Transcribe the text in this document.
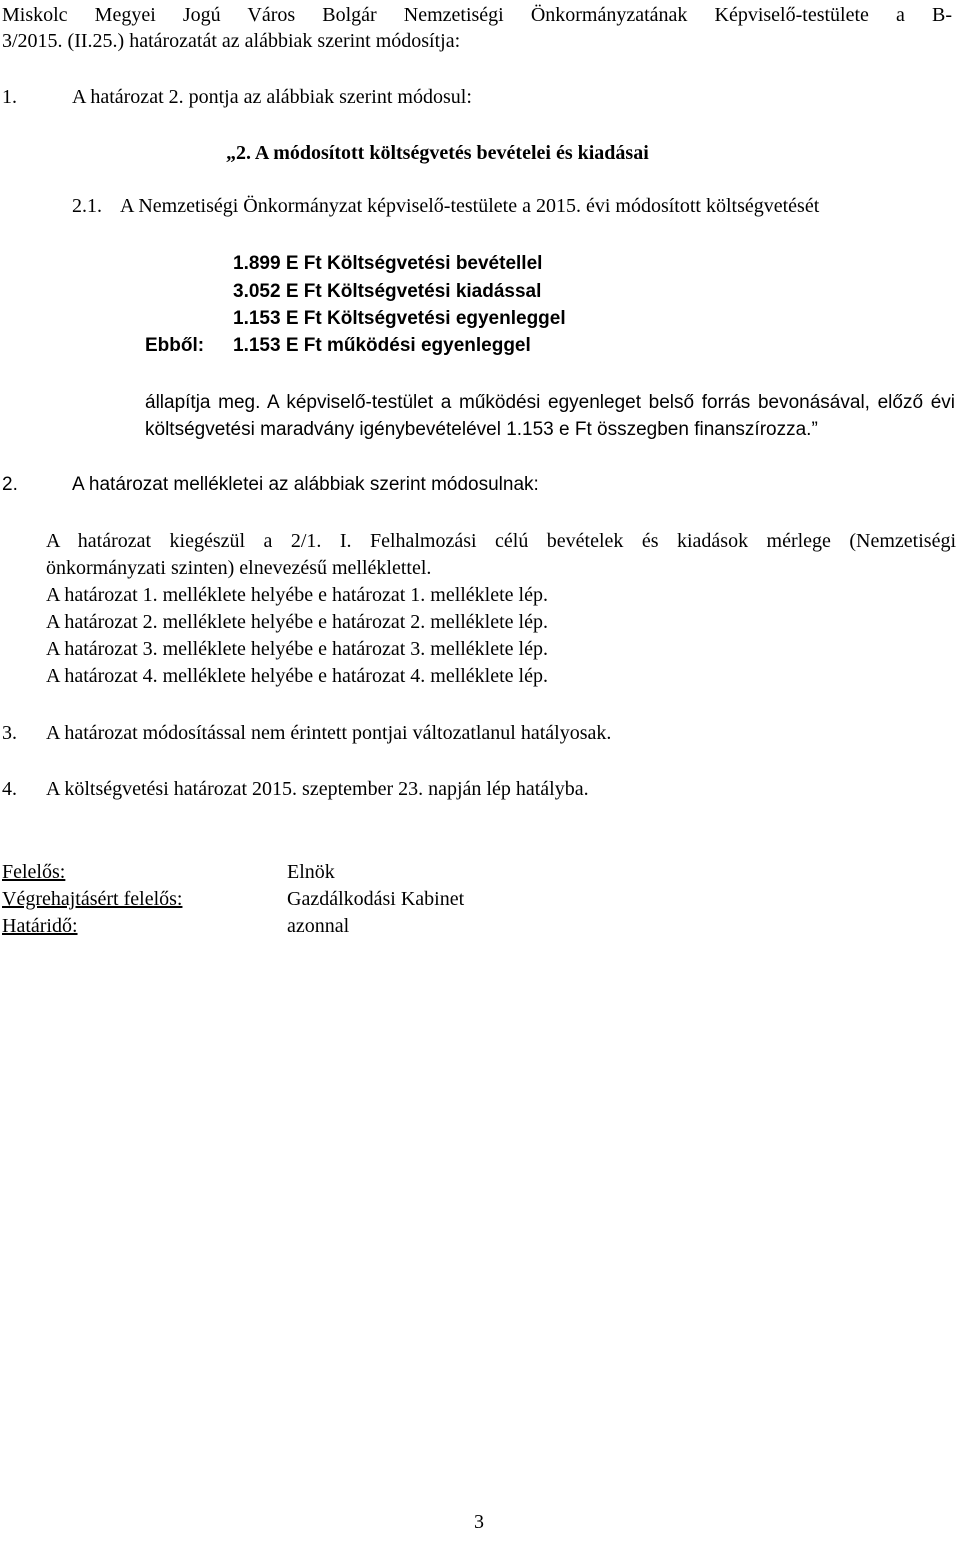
Miskolc Megyei Jogú Város Bolgár Nemzetiségi Önkormányzatának Képviselő-testülete a B-
3/2015. (II.25.) határozatát az alábbiak szerint módosítja:
1.	A határozat 2. pontja az alábbiak szerint módosul:
„2. A módosított költségvetés bevételei és kiadásai
2.1. A Nemzetiségi Önkormányzat képviselő-testülete a 2015. évi módosított költségvetését
1.899 E Ft Költségvetési bevétellel
3.052 E Ft Költségvetési kiadással
1.153 E Ft Költségvetési egyenleggel
Ebből: 1.153 E Ft működési egyenleggel
állapítja meg. A képviselő-testület a működési egyenleget belső forrás bevonásával, előző évi
költségvetési maradvány igénybevételével 1.153 e Ft összegben finanszírozza.”
2.	A határozat mellékletei az alábbiak szerint módosulnak:
A határozat kiegészül a 2/1. I. Felhalmozási célú bevételek és kiadások mérlege (Nemzetiségi
önkormányzati szinten) elnevezésű melléklettel.
A határozat 1. melléklete helyébe e határozat 1. melléklete lép.
A határozat 2. melléklete helyébe e határozat 2. melléklete lép.
A határozat 3. melléklete helyébe e határozat 3. melléklete lép.
A határozat 4. melléklete helyébe e határozat 4. melléklete lép.
3. A határozat módosítással nem érintett pontjai változatlanul hatályosak.
4. A költségvetési határozat 2015. szeptember 23. napján lép hatályba.
Felelős:	Elnök
Végrehajtásért felelős:	Gazdálkodási Kabinet
Határidő:	azonnal
3
